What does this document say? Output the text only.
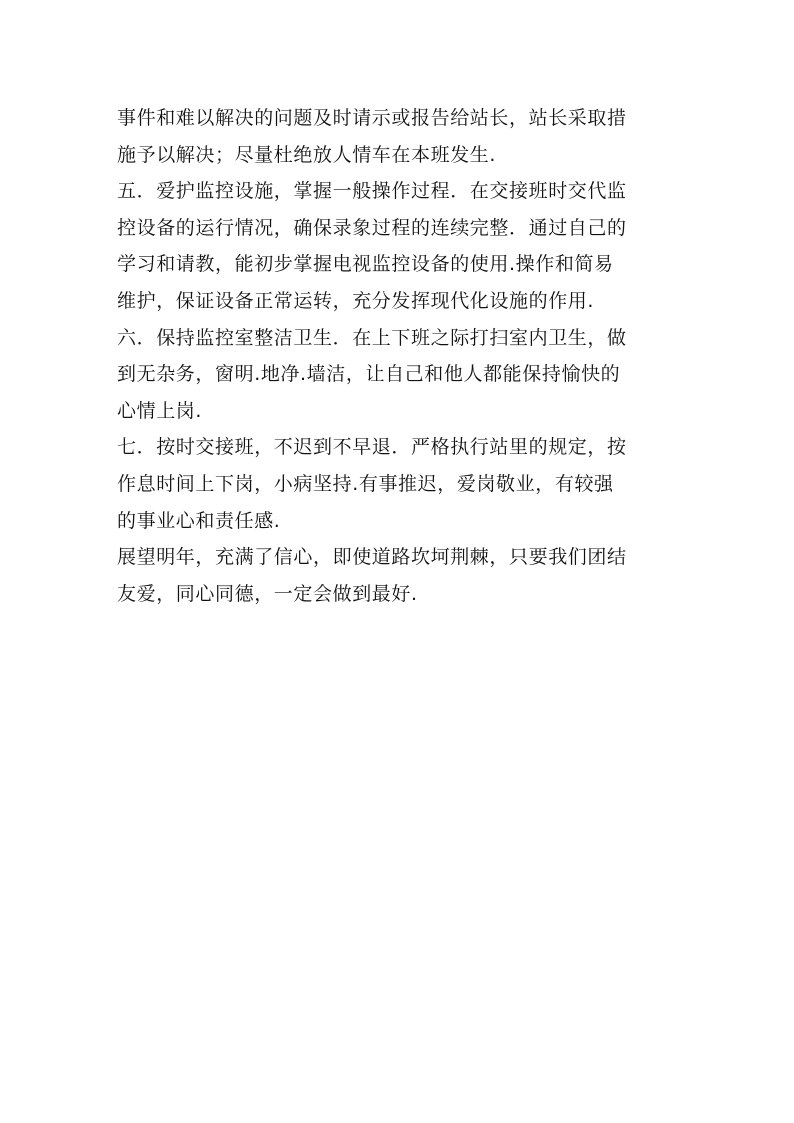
事件和难以解决的问题及时请示或报告给站长，站长采取措
施予以解决；尽量杜绝放人情车在本班发生.
五．爱护监控设施，掌握一般操作过程．在交接班时交代监
控设备的运行情况，确保录象过程的连续完整．通过自己的
学习和请教，能初步掌握电视监控设备的使用.操作和简易
维护，保证设备正常运转，充分发挥现代化设施的作用.
六．保持监控室整洁卫生．在上下班之际打扫室内卫生，做
到无杂务，窗明.地净.墙洁，让自己和他人都能保持愉快的
心情上岗.
七．按时交接班，不迟到不早退．严格执行站里的规定，按
作息时间上下岗，小病坚持.有事推迟，爱岗敬业，有较强
的事业心和责任感.
展望明年，充满了信心，即使道路坎坷荆棘，只要我们团结
友爱，同心同德，一定会做到最好.
